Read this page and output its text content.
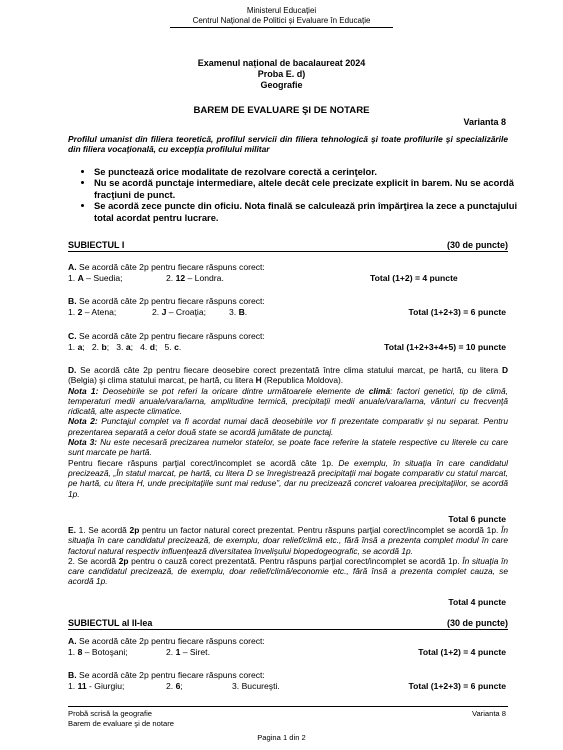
Ministerul Educației
Centrul Național de Politici și Evaluare în Educație
Examenul național de bacalaureat 2024
Proba E. d)
Geografie
BAREM DE EVALUARE ŞI DE NOTARE
Varianta 8
Profilul umanist din filiera teoretică, profilul servicii din filiera tehnologică şi toate profilurile şi specializările din filiera vocaţională, cu excepţia profilului militar
• Se punctează orice modalitate de rezolvare corectă a cerinţelor.
• Nu se acordă punctaje intermediare, altele decât cele precizate explicit în barem. Nu se acordă fracţiuni de punct.
• Se acordă zece puncte din oficiu. Nota finală se calculează prin împărţirea la zece a punctajului total acordat pentru lucrare.
SUBIECTUL I	(30 de puncte)
A. Se acordă câte 2p pentru fiecare răspuns corect:
1. A – Suedia;	2. 12 – Londra.	Total (1+2) = 4 puncte
B. Se acordă câte 2p pentru fiecare răspuns corect:
1. 2 – Atena;	2. J – Croaţia;	3. B.	Total (1+2+3) = 6 puncte
C. Se acordă câte 2p pentru fiecare răspuns corect:
1. a;   2. b;   3. a;   4. d;   5. c.	Total (1+2+3+4+5) = 10 puncte

D. Se acordă câte 2p pentru fiecare deosebire corect prezentată între clima statului marcat, pe hartă, cu litera D (Belgia) şi clima statului marcat, pe hartă, cu litera H (Republica Moldova).

Nota 1: Deosebirile se pot referi la oricare dintre următoarele elemente de climă: factori genetici, tip de climă, temperaturi medii anuale/vara/iarna, amplitudine termică, precipitaţii medii anuale/vara/iarna, vânturi cu frecvenţă ridicată, alte aspecte climatice.

Nota 2: Punctajul complet va fi acordat numai dacă deosebirile vor fi prezentate comparativ şi nu separat. Pentru prezentarea separată a celor două state se acordă jumătate de punctaj.

Nota 3: Nu este necesară precizarea numelor statelor, se poate face referire la statele respective cu literele cu care sunt marcate pe hartă.

Pentru fiecare răspuns parţial corect/incomplet se acordă câte 1p. De exemplu, în situaţia în care candidatul precizează, „În statul marcat, pe hartă, cu litera D se înregistrează precipitaţii mai bogate comparativ cu statul marcat, pe hartă, cu litera H, unde precipitaţiile sunt mai reduse”, dar nu precizează concret valoarea precipitaţiilor, se acordă 1p.

Total 6 puncte

E. 1. Se acordă 2p pentru un factor natural corect prezentat. Pentru răspuns parţial corect/incomplet se acordă 1p. În situaţia în care candidatul precizează, de exemplu, doar relief/climă etc., fără însă a prezenta complet modul în care factorul natural respectiv influenţează diversitatea învelişului biopedogeografic, se acordă 1p.

2. Se acordă 2p pentru o cauză corect prezentată. Pentru răspuns parţial corect/incomplet se acordă 1p. În situaţia în care candidatul precizează, de exemplu, doar relief/climă/economie etc., fără însă a prezenta complet cauza, se acordă 1p.

Total 4 puncte
SUBIECTUL al II-lea	(30 de puncte)
A. Se acordă câte 2p pentru fiecare răspuns corect:
1. 8 – Botoşani;	2. 1 – Siret.	Total (1+2) = 4 puncte
B. Se acordă câte 2p pentru fiecare răspuns corect:
1. 11 - Giurgiu;	2. 6;	3. Bucureşti.	Total (1+2+3) = 6 puncte
Probă scrisă la geografie
Barem de evaluare şi de notare
Varianta 8
Pagina 1 din 2
